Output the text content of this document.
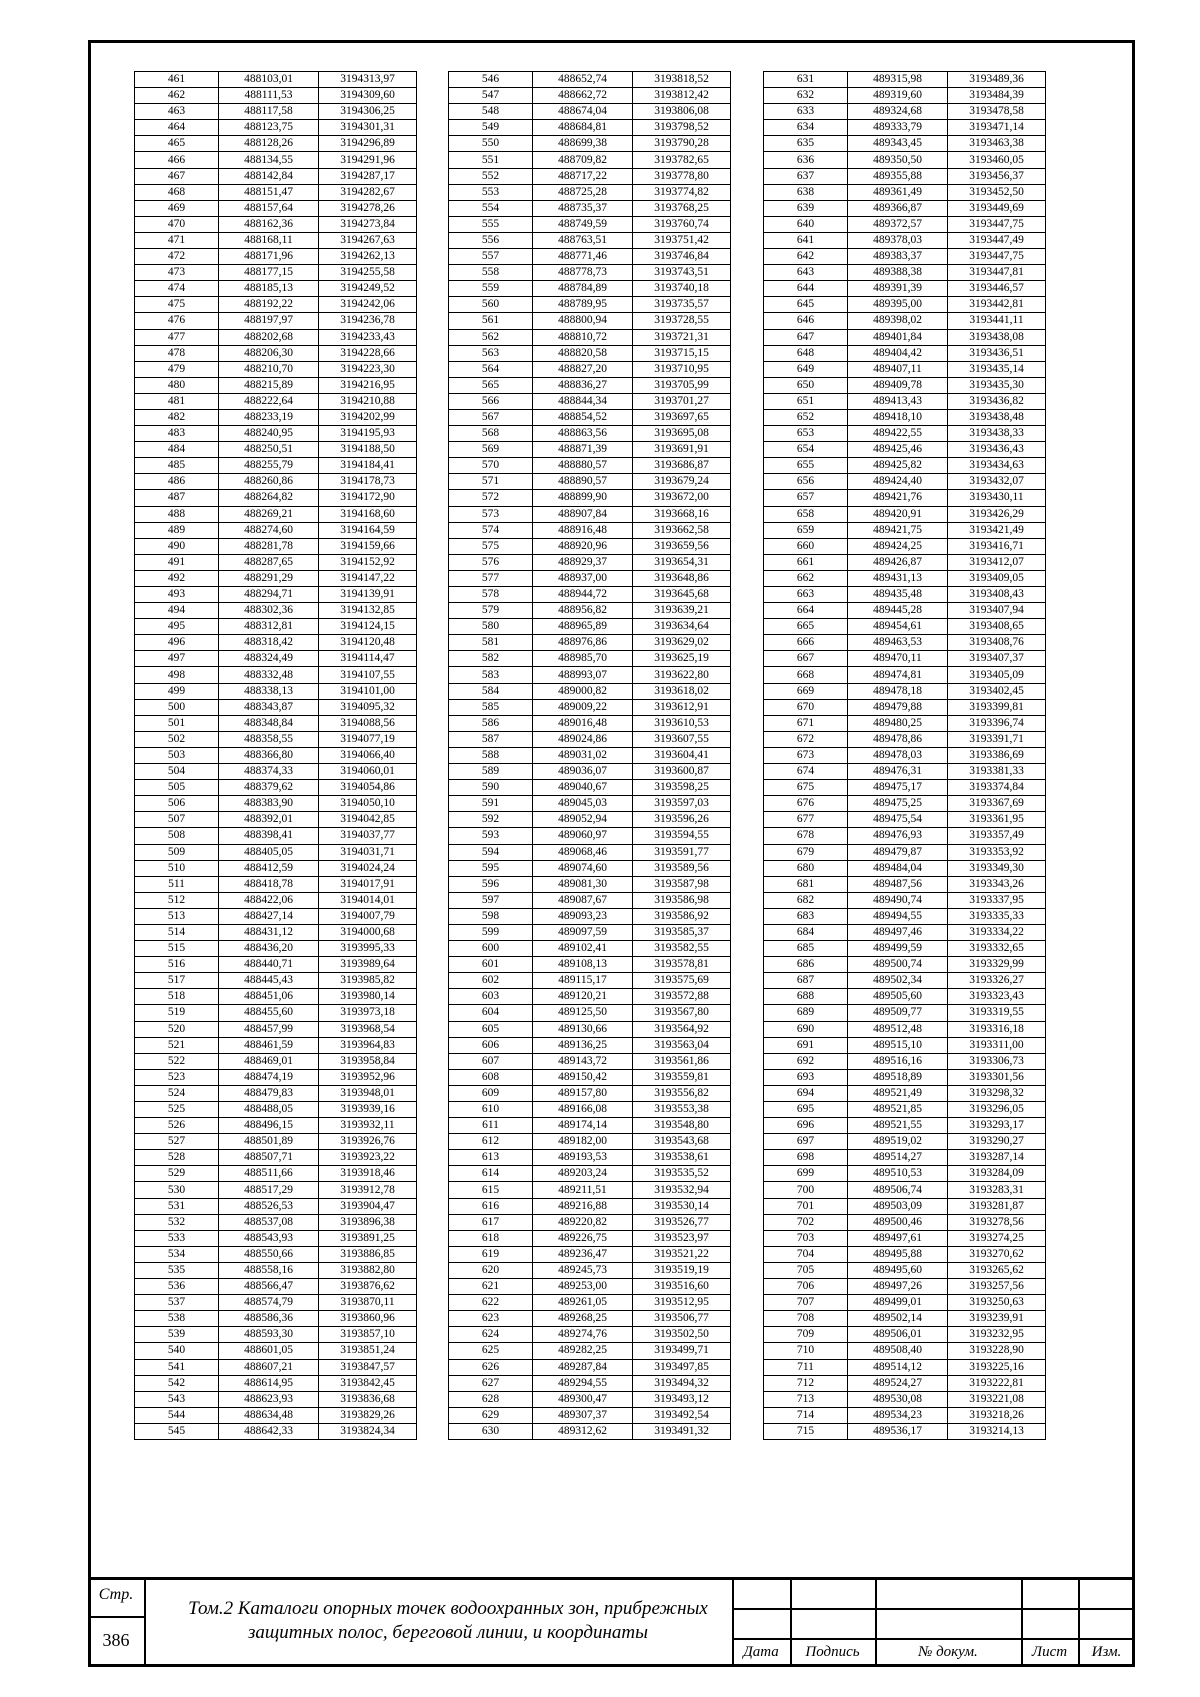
461	488103,01	3194313,97
462	488111,53	3194309,60
463	488117,58	3194306,25
464	488123,75	3194301,31
465	488128,26	3194296,89
466	488134,55	3194291,96
467	488142,84	3194287,17
468	488151,47	3194282,67
469	488157,64	3194278,26
470	488162,36	3194273,84
471	488168,11	3194267,63
472	488171,96	3194262,13
473	488177,15	3194255,58
474	488185,13	3194249,52
475	488192,22	3194242,06
476	488197,97	3194236,78
477	488202,68	3194233,43
478	488206,30	3194228,66
479	488210,70	3194223,30
480	488215,89	3194216,95
481	488222,64	3194210,88
482	488233,19	3194202,99
483	488240,95	3194195,93
484	488250,51	3194188,50
485	488255,79	3194184,41
486	488260,86	3194178,73
487	488264,82	3194172,90
488	488269,21	3194168,60
489	488274,60	3194164,59
490	488281,78	3194159,66
491	488287,65	3194152,92
492	488291,29	3194147,22
493	488294,71	3194139,91
494	488302,36	3194132,85
495	488312,81	3194124,15
496	488318,42	3194120,48
497	488324,49	3194114,47
498	488332,48	3194107,55
499	488338,13	3194101,00
500	488343,87	3194095,32
501	488348,84	3194088,56
502	488358,55	3194077,19
503	488366,80	3194066,40
504	488374,33	3194060,01
505	488379,62	3194054,86
506	488383,90	3194050,10
507	488392,01	3194042,85
508	488398,41	3194037,77
509	488405,05	3194031,71
510	488412,59	3194024,24
511	488418,78	3194017,91
512	488422,06	3194014,01
513	488427,14	3194007,79
514	488431,12	3194000,68
515	488436,20	3193995,33
516	488440,71	3193989,64
517	488445,43	3193985,82
518	488451,06	3193980,14
519	488455,60	3193973,18
520	488457,99	3193968,54
521	488461,59	3193964,83
522	488469,01	3193958,84
523	488474,19	3193952,96
524	488479,83	3193948,01
525	488488,05	3193939,16
526	488496,15	3193932,11
527	488501,89	3193926,76
528	488507,71	3193923,22
529	488511,66	3193918,46
530	488517,29	3193912,78
531	488526,53	3193904,47
532	488537,08	3193896,38
533	488543,93	3193891,25
534	488550,66	3193886,85
535	488558,16	3193882,80
536	488566,47	3193876,62
537	488574,79	3193870,11
538	488586,36	3193860,96
539	488593,30	3193857,10
540	488601,05	3193851,24
541	488607,21	3193847,57
542	488614,95	3193842,45
543	488623,93	3193836,68
544	488634,48	3193829,26
545	488642,33	3193824,34
546	488652,74	3193818,52
547	488662,72	3193812,42
548	488674,04	3193806,08
549	488684,81	3193798,52
550	488699,38	3193790,28
551	488709,82	3193782,65
552	488717,22	3193778,80
553	488725,28	3193774,82
554	488735,37	3193768,25
555	488749,59	3193760,74
556	488763,51	3193751,42
557	488771,46	3193746,84
558	488778,73	3193743,51
559	488784,89	3193740,18
560	488789,95	3193735,57
561	488800,94	3193728,55
562	488810,72	3193721,31
563	488820,58	3193715,15
564	488827,20	3193710,95
565	488836,27	3193705,99
566	488844,34	3193701,27
567	488854,52	3193697,65
568	488863,56	3193695,08
569	488871,39	3193691,91
570	488880,57	3193686,87
571	488890,57	3193679,24
572	488899,90	3193672,00
573	488907,84	3193668,16
574	488916,48	3193662,58
575	488920,96	3193659,56
576	488929,37	3193654,31
577	488937,00	3193648,86
578	488944,72	3193645,68
579	488956,82	3193639,21
580	488965,89	3193634,64
581	488976,86	3193629,02
582	488985,70	3193625,19
583	488993,07	3193622,80
584	489000,82	3193618,02
585	489009,22	3193612,91
586	489016,48	3193610,53
587	489024,86	3193607,55
588	489031,02	3193604,41
589	489036,07	3193600,87
590	489040,67	3193598,25
591	489045,03	3193597,03
592	489052,94	3193596,26
593	489060,97	3193594,55
594	489068,46	3193591,77
595	489074,60	3193589,56
596	489081,30	3193587,98
597	489087,67	3193586,98
598	489093,23	3193586,92
599	489097,59	3193585,37
600	489102,41	3193582,55
601	489108,13	3193578,81
602	489115,17	3193575,69
603	489120,21	3193572,88
604	489125,50	3193567,80
605	489130,66	3193564,92
606	489136,25	3193563,04
607	489143,72	3193561,86
608	489150,42	3193559,81
609	489157,80	3193556,82
610	489166,08	3193553,38
611	489174,14	3193548,80
612	489182,00	3193543,68
613	489193,53	3193538,61
614	489203,24	3193535,52
615	489211,51	3193532,94
616	489216,88	3193530,14
617	489220,82	3193526,77
618	489226,75	3193523,97
619	489236,47	3193521,22
620	489245,73	3193519,19
621	489253,00	3193516,60
622	489261,05	3193512,95
623	489268,25	3193506,77
624	489274,76	3193502,50
625	489282,25	3193499,71
626	489287,84	3193497,85
627	489294,55	3193494,32
628	489300,47	3193493,12
629	489307,37	3193492,54
630	489312,62	3193491,32
631	489315,98	3193489,36
632	489319,60	3193484,39
633	489324,68	3193478,58
634	489333,79	3193471,14
635	489343,45	3193463,38
636	489350,50	3193460,05
637	489355,88	3193456,37
638	489361,49	3193452,50
639	489366,87	3193449,69
640	489372,57	3193447,75
641	489378,03	3193447,49
642	489383,37	3193447,75
643	489388,38	3193447,81
644	489391,39	3193446,57
645	489395,00	3193442,81
646	489398,02	3193441,11
647	489401,84	3193438,08
648	489404,42	3193436,51
649	489407,11	3193435,14
650	489409,78	3193435,30
651	489413,43	3193436,82
652	489418,10	3193438,48
653	489422,55	3193438,33
654	489425,46	3193436,43
655	489425,82	3193434,63
656	489424,40	3193432,07
657	489421,76	3193430,11
658	489420,91	3193426,29
659	489421,75	3193421,49
660	489424,25	3193416,71
661	489426,87	3193412,07
662	489431,13	3193409,05
663	489435,48	3193408,43
664	489445,28	3193407,94
665	489454,61	3193408,65
666	489463,53	3193408,76
667	489470,11	3193407,37
668	489474,81	3193405,09
669	489478,18	3193402,45
670	489479,88	3193399,81
671	489480,25	3193396,74
672	489478,86	3193391,71
673	489478,03	3193386,69
674	489476,31	3193381,33
675	489475,17	3193374,84
676	489475,25	3193367,69
677	489475,54	3193361,95
678	489476,93	3193357,49
679	489479,87	3193353,92
680	489484,04	3193349,30
681	489487,56	3193343,26
682	489490,74	3193337,95
683	489494,55	3193335,33
684	489497,46	3193334,22
685	489499,59	3193332,65
686	489500,74	3193329,99
687	489502,34	3193326,27
688	489505,60	3193323,43
689	489509,77	3193319,55
690	489512,48	3193316,18
691	489515,10	3193311,00
692	489516,16	3193306,73
693	489518,89	3193301,56
694	489521,49	3193298,32
695	489521,85	3193296,05
696	489521,55	3193293,17
697	489519,02	3193290,27
698	489514,27	3193287,14
699	489510,53	3193284,09
700	489506,74	3193283,31
701	489503,09	3193281,87
702	489500,46	3193278,56
703	489497,61	3193274,25
704	489495,88	3193270,62
705	489495,60	3193265,62
706	489497,26	3193257,56
707	489499,01	3193250,63
708	489502,14	3193239,91
709	489506,01	3193232,95
710	489508,40	3193228,90
711	489514,12	3193225,16
712	489524,27	3193222,81
713	489530,08	3193221,08
714	489534,23	3193218,26
715	489536,17	3193214,13
Стр.
386
Том.2 Каталоги опорных точек водоохранных зон, прибрежных защитных полос, береговой линии, и координаты
Дата	Подпись	№ докум.	Лист	Изм.
